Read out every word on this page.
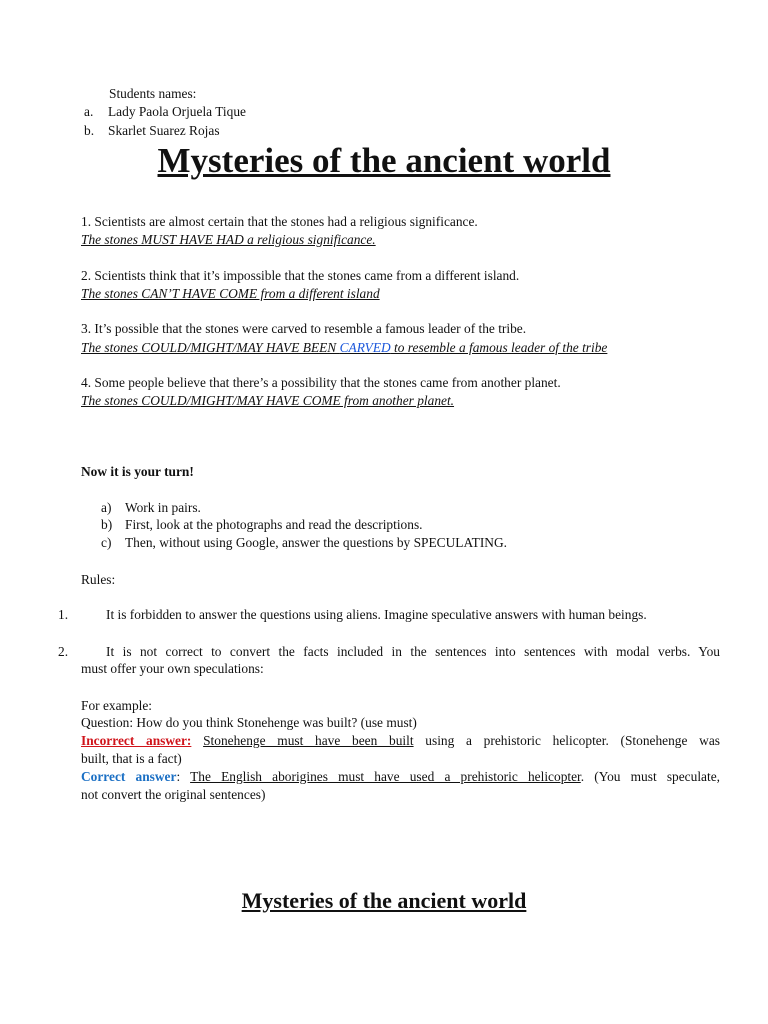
Students names:
a. Lady Paola Orjuela Tique
b. Skarlet Suarez Rojas
Mysteries of the ancient world
1. Scientists are almost certain that the stones had a religious significance.
The stones MUST HAVE HAD a religious significance.
2. Scientists think that it’s impossible that the stones came from a different island.
The stones CAN’T HAVE COME from a different island
3. It’s possible that the stones were carved to resemble a famous leader of the tribe.
The stones COULD/MIGHT/MAY HAVE BEEN CARVED to resemble a famous leader of the tribe
4. Some people believe that there’s a possibility that the stones came from another planet.
The stones COULD/MIGHT/MAY HAVE COME from another planet.
Now it is your turn!
a) Work in pairs.
b) First, look at the photographs and read the descriptions.
c) Then, without using Google, answer the questions by SPECULATING.
Rules:
1.	It is forbidden to answer the questions using aliens. Imagine speculative answers with human beings.
2.	It is not correct to convert the facts included in the sentences into sentences with modal verbs. You
must offer your own speculations:
For example:
Question: How do you think Stonehenge was built? (use must)
Incorrect answer: Stonehenge must have been built using a prehistoric helicopter. (Stonehenge was
built, that is a fact)
Correct answer: The English aborigines must have used a prehistoric helicopter. (You must speculate,
not convert the original sentences)
Mysteries of the ancient world
